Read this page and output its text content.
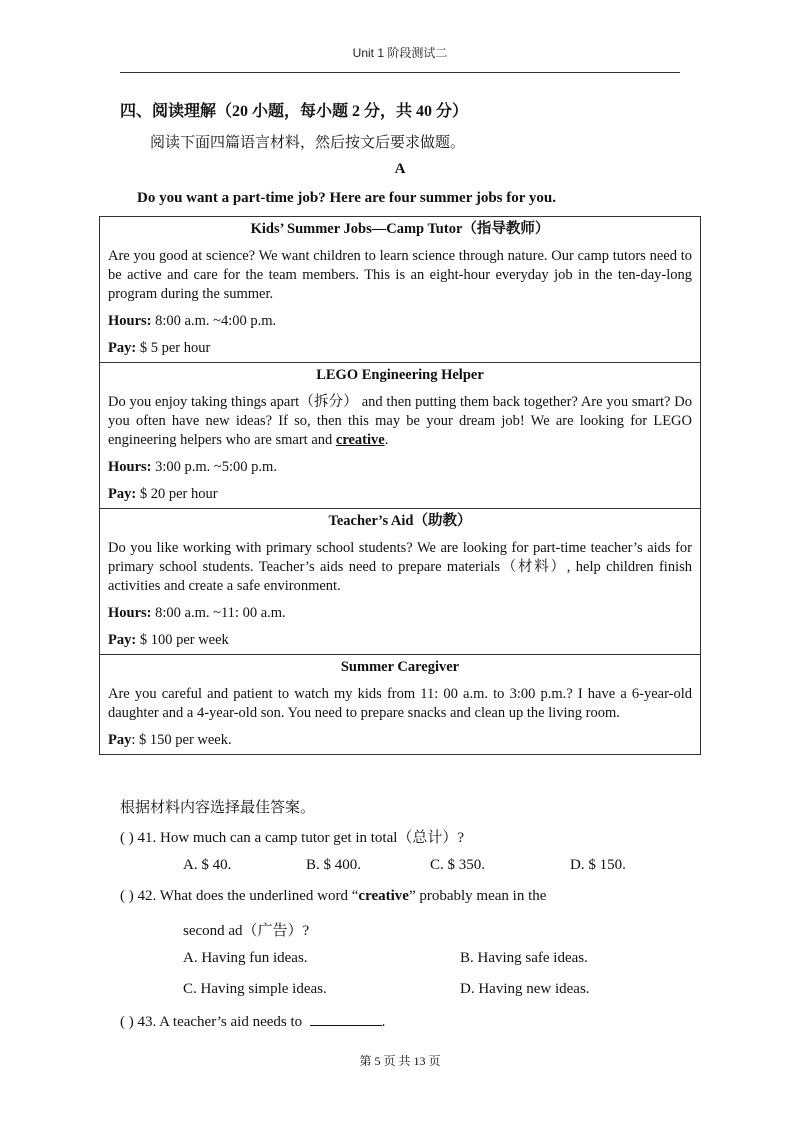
Unit 1 阶段测试二
四、阅读理解（20 小题，每小题 2 分，共 40 分）
阅读下面四篇语言材料，然后按文后要求做题。
A
Do you want a part-time job? Here are four summer jobs for you.
Kids’ Summer Jobs—Camp Tutor（指导教师）
Are you good at science? We want children to learn science through nature. Our camp tutors need to be active and care for the team members. This is an eight-hour everyday job in the ten-day-long program during the summer.
Hours: 8:00 a.m. ~4:00 p.m.
Pay: $ 5 per hour
LEGO Engineering Helper
Do you enjoy taking things apart（拆分） and then putting them back together? Are you smart? Do you often have new ideas? If so, then this may be your dream job! We are looking for LEGO engineering helpers who are smart and creative.
Hours: 3:00 p.m. ~5:00 p.m.
Pay: $ 20 per hour
Teacher’s Aid（助教）
Do you like working with primary school students? We are looking for part-time teacher’s aids for primary school students. Teacher’s aids need to prepare materials（材料）, help children finish activities and create a safe environment.
Hours: 8:00 a.m. ~11: 00 a.m.
Pay: $ 100 per week
Summer Caregiver
Are you careful and patient to watch my kids from 11: 00 a.m. to 3:00 p.m.? I have a 6-year-old daughter and a 4-year-old son. You need to prepare snacks and clean up the living room.
Pay: $ 150 per week.
根据材料内容选择最佳答案。
( ) 41. How much can a camp tutor get in total（总计）?
A. $ 40.	B. $ 400.	C. $ 350.	D. $ 150.
( ) 42. What does the underlined word “creative” probably mean in the
second ad（广告）?
A. Having fun ideas.	B. Having safe ideas.
C. Having simple ideas.	D. Having new ideas.
( ) 43. A teacher’s aid needs to	.
第 5 页 共 13 页
